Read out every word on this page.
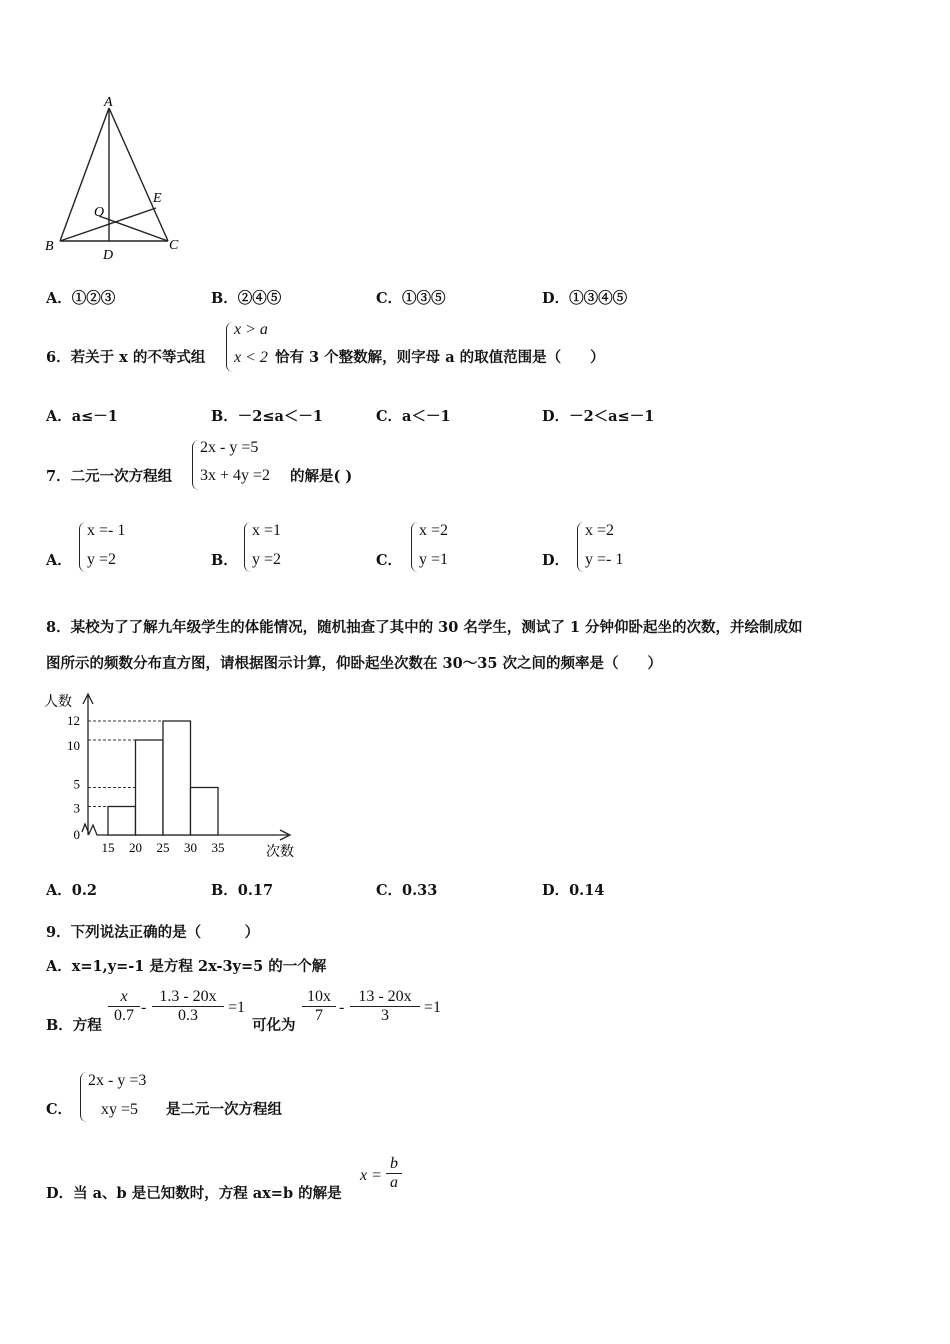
A
B	C
D
E
O
A．①②③	B．②④⑤	C．①③⑤	D．①③④⑤
6．若关于 x 的不等式组
x > a
x < 2 恰有 3 个整数解，则字母 a 的取值范围是（　　）
A．a≤－1	B．－2≤a＜－1	C．a＜－1	D．－2＜a≤－1
7．二元一次方程组
2x - y =5
3x + 4y =2 的解是( )
A．
x =- 1
y =2	B．
x =1
y =2	C．
x =2
y =1	D．
x =2
y =- 1
8．某校为了了解九年级学生的体能情况，随机抽查了其中的 30 名学生，测试了 1 分钟仰卧起坐的次数，并绘制成如
图所示的频数分布直方图，请根据图示计算，仰卧起坐次数在 30～35 次之间的频率是（　　）
0
3
5
10
12
15 20 25 30 35
人数
次数
A．0.2	B．0.17	C．0.33	D．0.14
9．下列说法正确的是（　　　）
A．x=1,y=-1 是方程 2x-3y=5 的一个解
B．方程
$\frac{x}{0.7} - \frac{1.3 - 20x}{0.3} =1$
可化为
$\frac{10x}{7} - \frac{13 - 20x}{3} =1$
C．
2x - y =3
xy =5 是二元一次方程组
D．当 a、b 是已知数时，方程 ax=b 的解是
$x = \frac{b}{a}$
